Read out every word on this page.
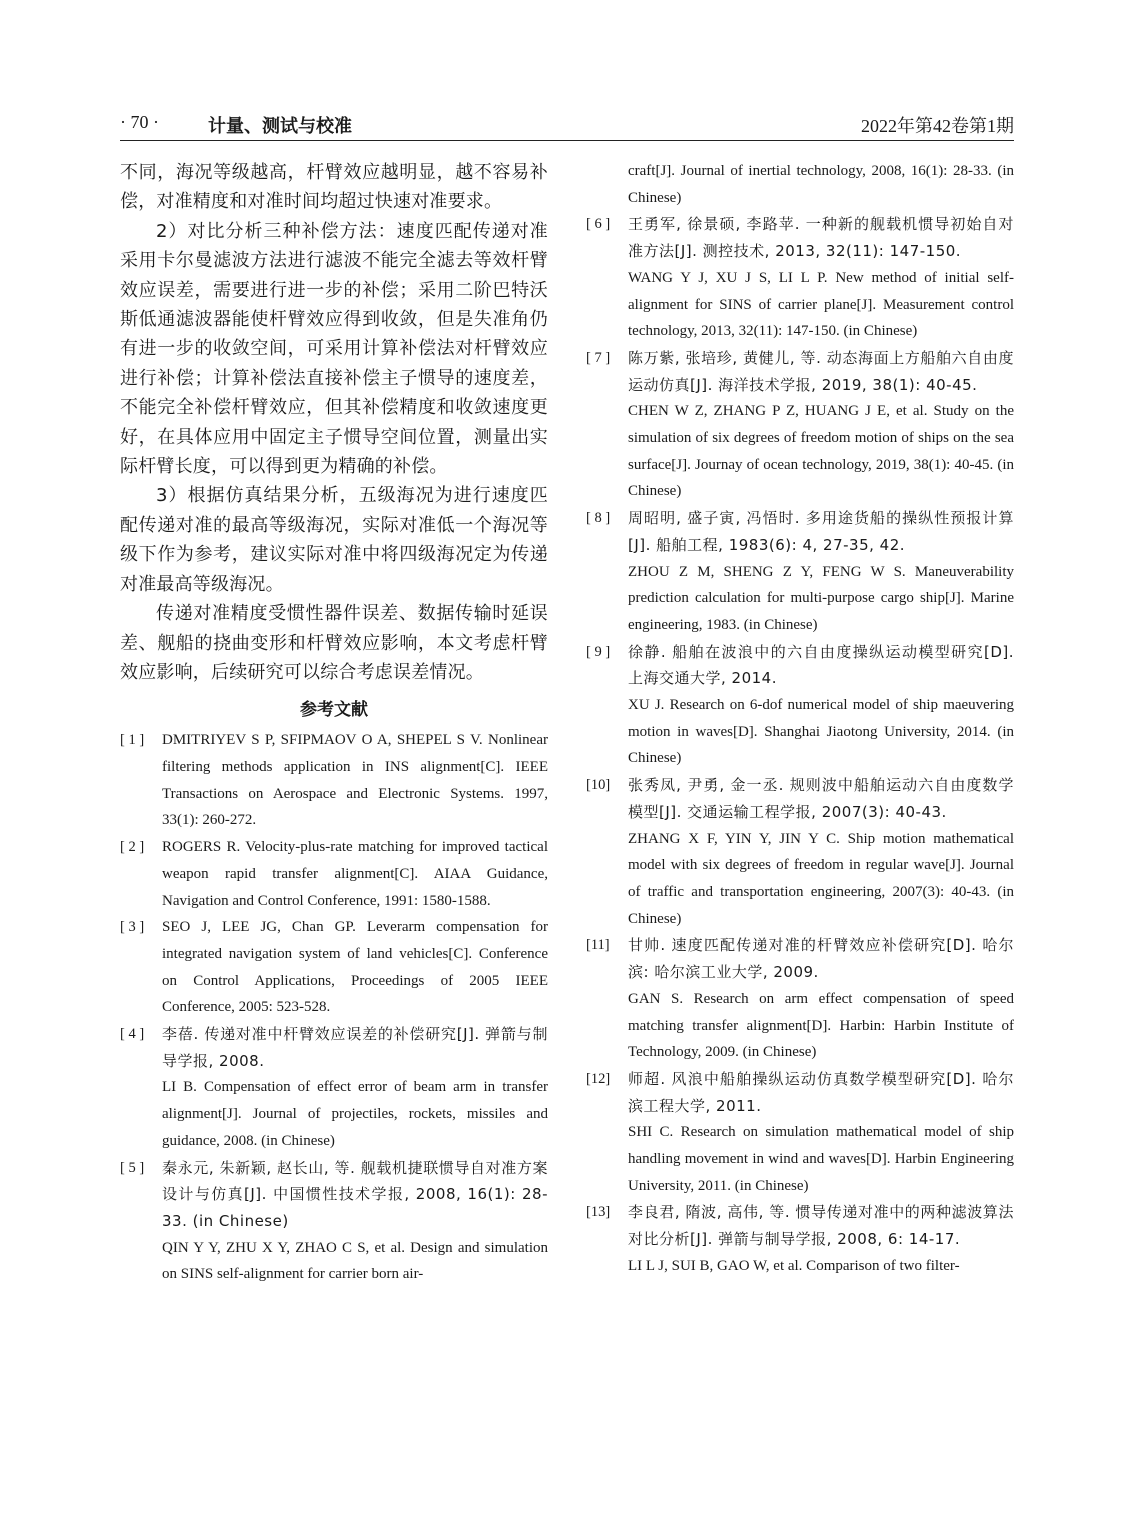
· 70 ·	计量、测试与校准	2022年第42卷第1期

不同，海况等级越高，杆臂效应越明显，越不容易补偿，对准精度和对准时间均超过快速对准要求。

2）对比分析三种补偿方法：速度匹配传递对准采用卡尔曼滤波方法进行滤波不能完全滤去等效杆臂效应误差，需要进行进一步的补偿；采用二阶巴特沃斯低通滤波器能使杆臂效应得到收敛，但是失准角仍有进一步的收敛空间，可采用计算补偿法对杆臂效应进行补偿；计算补偿法直接补偿主子惯导的速度差，不能完全补偿杆臂效应，但其补偿精度和收敛速度更好，在具体应用中固定主子惯导空间位置，测量出实际杆臂长度，可以得到更为精确的补偿。

3）根据仿真结果分析，五级海况为进行速度匹配传递对准的最高等级海况，实际对准低一个海况等级下作为参考，建议实际对准中将四级海况定为传递对准最高等级海况。

传递对准精度受惯性器件误差、数据传输时延误差、舰船的挠曲变形和杆臂效应影响，本文考虑杆臂效应影响，后续研究可以综合考虑误差情况。

参考文献
[ 1 ] DMITRIYEV S P, SFIPMAOV O A, SHEPEL S V. Nonlinear filtering methods application in INS alignment[C]. IEEE Transactions on Aerospace and Electronic Systems. 1997, 33(1): 260-272.

[ 2 ] ROGERS R. Velocity-plus-rate matching for improved tactical weapon rapid transfer alignment[C]. AIAA Guidance, Navigation and Control Conference, 1991: 1580-1588.

[ 3 ] SEO J, LEE JG, Chan GP. Leverarm compensation for integrated navigation system of land vehicles[C]. Conference on Control Applications, Proceedings of 2005 IEEE Conference, 2005: 523-528.

[ 4 ] 李蓓. 传递对准中杆臂效应误差的补偿研究[J]. 弹箭与制导学报, 2008.

LI B. Compensation of effect error of beam arm in transfer alignment[J]. Journal of projectiles, rockets, missiles and guidance, 2008. (in Chinese)

[ 5 ] 秦永元, 朱新颖, 赵长山, 等. 舰载机捷联惯导自对准方案设计与仿真[J]. 中国惯性技术学报, 2008, 16(1): 28-33. (in Chinese)

QIN Y Y, ZHU X Y, ZHAO C S, et al. Design and simulation on SINS self-alignment for carrier born air-

craft[J]. Journal of inertial technology, 2008, 16(1): 28-33. (in Chinese)

[ 6 ] 王勇军, 徐景硕, 李路苹. 一种新的舰载机惯导初始自对准方法[J]. 测控技术, 2013, 32(11): 147-150.

WANG Y J, XU J S, LI L P. New method of initial self-alignment for SINS of carrier plane[J]. Measurement control technology, 2013, 32(11): 147-150. (in Chinese)

[ 7 ] 陈万紫, 张培珍, 黄健儿, 等. 动态海面上方船舶六自由度运动仿真[J]. 海洋技术学报, 2019, 38(1): 40-45.

CHEN W Z, ZHANG P Z, HUANG J E, et al. Study on the simulation of six degrees of freedom motion of ships on the sea surface[J]. Journay of ocean technology, 2019, 38(1): 40-45. (in Chinese)

[ 8 ] 周昭明, 盛子寅, 冯悟时. 多用途货船的操纵性预报计算[J]. 船舶工程, 1983(6): 4, 27-35, 42.

ZHOU Z M, SHENG Z Y, FENG W S. Maneuverability prediction calculation for multi-purpose cargo ship[J]. Marine engineering, 1983. (in Chinese)

[ 9 ] 徐静. 船舶在波浪中的六自由度操纵运动模型研究[D]. 上海交通大学, 2014.

XU J. Research on 6-dof numerical model of ship maeuvering motion in waves[D]. Shanghai Jiaotong University, 2014. (in Chinese)

[10] 张秀凤, 尹勇, 金一丞. 规则波中船舶运动六自由度数学模型[J]. 交通运输工程学报, 2007(3): 40-43.

ZHANG X F, YIN Y, JIN Y C. Ship motion mathematical model with six degrees of freedom in regular wave[J]. Journal of traffic and transportation engineering, 2007(3): 40-43. (in Chinese)

[11] 甘帅. 速度匹配传递对准的杆臂效应补偿研究[D]. 哈尔滨: 哈尔滨工业大学, 2009.

GAN S. Research on arm effect compensation of speed matching transfer alignment[D]. Harbin: Harbin Institute of Technology, 2009. (in Chinese)

[12] 师超. 风浪中船舶操纵运动仿真数学模型研究[D]. 哈尔滨工程大学, 2011.

SHI C. Research on simulation mathematical model of ship handling movement in wind and waves[D]. Harbin Engineering University, 2011. (in Chinese)

[13] 李良君, 隋波, 高伟, 等. 惯导传递对准中的两种滤波算法对比分析[J]. 弹箭与制导学报, 2008, 6: 14-17.

LI L J, SUI B, GAO W, et al. Comparison of two filter-
